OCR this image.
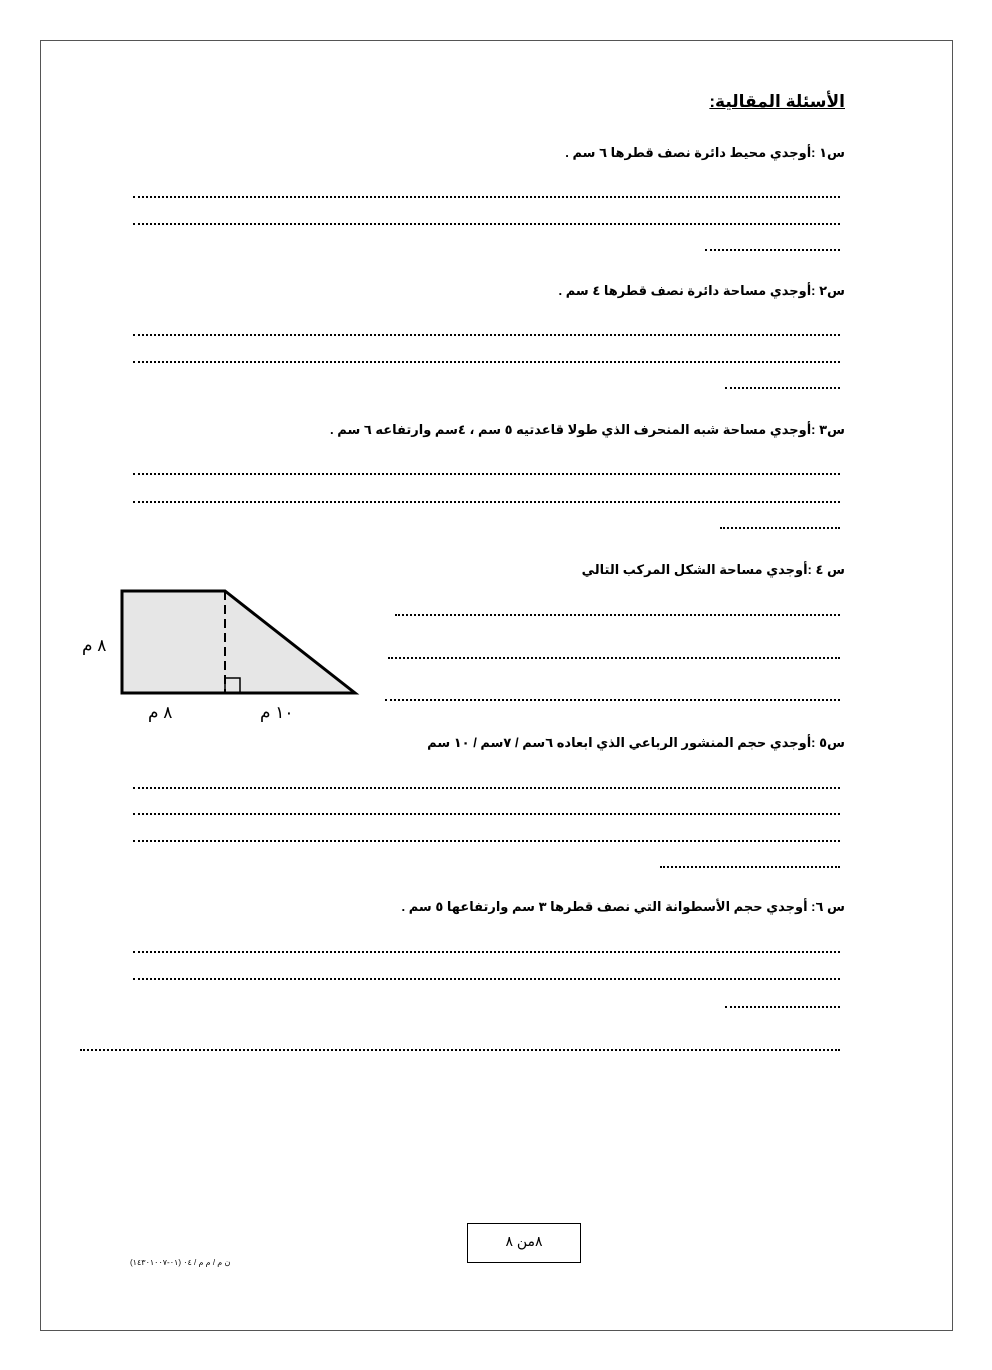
الأسئلة المقالية:
س١ :أوجدي محيط دائرة نصف قطرها ٦ سم .
س٢ :أوجدي مساحة دائرة نصف قطرها ٤ سم .
س٣ :أوجدي مساحة شبه المنحرف الذي طولا قاعدتيه ٥ سم ، ٤سم وارتفاعه ٦ سم .
س ٤ :أوجدي مساحة الشكل المركب التالي
٨ م
٨ م	١٠ م
س٥ :أوجدي حجم المنشور الرباعي الذي ابعاده ٦سم / ٧سم / ١٠ سم
س ٦: أوجدي حجم الأسطوانة التي نصف قطرها ٣ سم وارتفاعها ٥ سم .
٨من ٨
ن م / م م / ٠٤ (٠١-١٤٣٠١٠٠٧)
